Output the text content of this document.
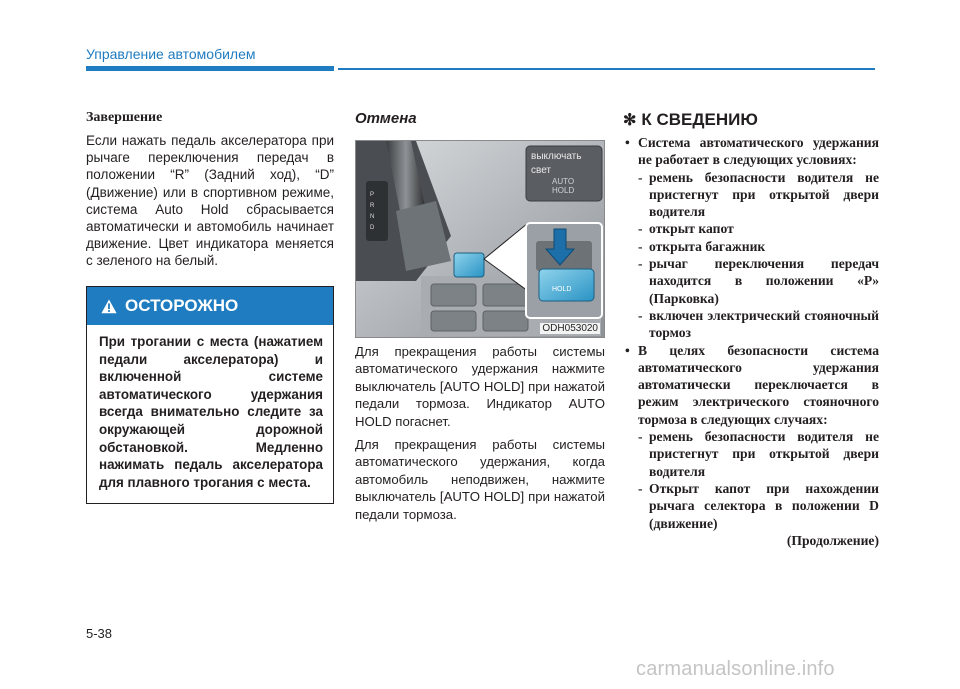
Управление автомобилем
Завершение
Если нажать педаль акселератора при рычаге переключения передач в положении “R” (Задний ход), “D” (Движение) или в спортивном режиме, система Auto Hold сбрасывается автоматически и автомобиль начинает движение. Цвет индикатора меняется с зеленого на белый.
ОСТОРОЖНО
При трогании с места (нажатием педали акселератора) и включенной системе автоматического удержания всегда внимательно следите за окружающей дорожной обстановкой. Медленно нажимать педаль акселератора для плавного трогания с места.
Отмена
P
R
N
D
выключать
свет
AUTO
HOLD
HOLD
ODH053020
Для прекращения работы системы автоматического удержания нажмите выключатель [AUTO HOLD] при нажатой педали тормоза. Индикатор AUTO HOLD погаснет.
Для прекращения работы системы автоматического удержания, когда автомобиль неподвижен, нажмите выключатель [AUTO HOLD] при нажатой педали тормоза.
✻ К СВЕДЕНИЮ
• Система автоматического удержания не работает в следующих условиях:
- ремень безопасности водителя не пристегнут при открытой двери водителя
- открыт капот
- открыта багажник
- рычаг переключения передач находится в положении «P» (Парковка)
- включен электрический стояночный тормоз
• В целях безопасности система автоматического удержания автоматически переключается в режим электрического стояночного тормоза в следующих случаях:
- ремень безопасности водителя не пристегнут при открытой двери водителя
- Открыт капот при нахождении рычага селектора в положении D (движение)
(Продолжение)
5-38
carmanualsonline.info
